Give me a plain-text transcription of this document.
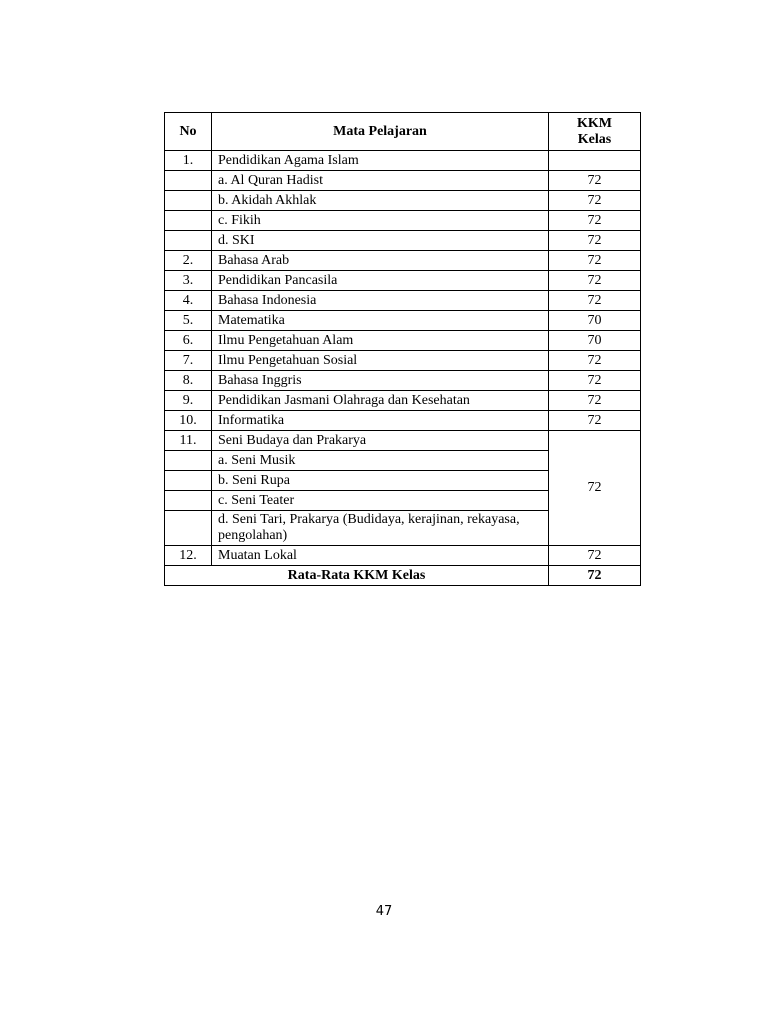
No	Mata Pelajaran	KKM
Kelas
1.	Pendidikan Agama Islam	
	a. Al Quran Hadist	72
	b. Akidah Akhlak	72
	c. Fikih	72
	d. SKI	72
2.	Bahasa Arab	72
3.	Pendidikan Pancasila	72
4.	Bahasa Indonesia	72
5.	Matematika	70
6.	Ilmu Pengetahuan Alam	70
7.	Ilmu Pengetahuan Sosial	72
8.	Bahasa Inggris	72
9.	Pendidikan Jasmani Olahraga dan Kesehatan	72
10.	Informatika	72
11.	Seni Budaya dan Prakarya	72
	a. Seni Musik	
	b. Seni Rupa	
	c. Seni Teater	
	d. Seni Tari, Prakarya (Budidaya, kerajinan, rekayasa, pengolahan)	
12.	Muatan Lokal	72
Rata-Rata KKM Kelas		72
47
